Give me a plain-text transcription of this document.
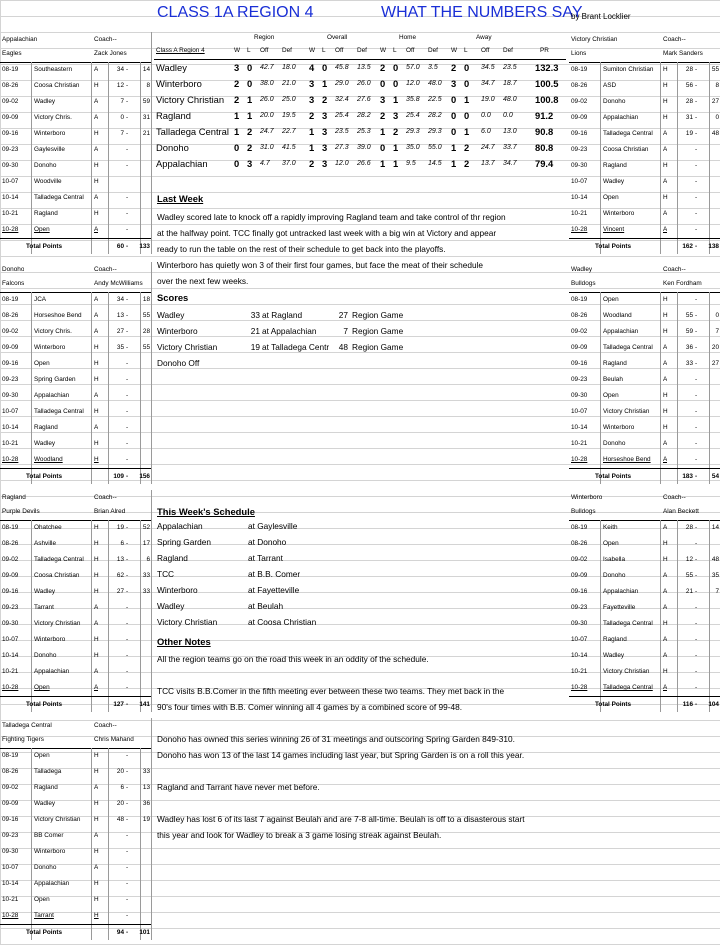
CLASS 1A REGION 4	WHAT THE NUMBERS SAY
by Brant Locklier
Appalachian	Coach--
Eagles	Zack Jones
08-19	Southeastern	A	34 -	14
08-26	Coosa Christian	H	12 -	8
09-02	Wadley	A	7 -	59
09-09	Victory Chris.	A	0 -	31
09-16	Winterboro	H	7 -	21
09-23	Gaylesville	A	-
09-30	Donoho	H	-
10-07	Woodville	H
10-14	Talladega Central	A	-
10-21	Ragland	H	-
10-28	Open	A	-
Total Points	60 -	133
Donoho	Coach--
Falcons	Andy McWilliams
08-19	JCA	A	34 -	18
08-26	Horseshoe Bend	A	13 -	55
09-02	Victory Chris.	A	27 -	28
09-09	Winterboro	H	35 -	55
09-16	Open	H	-
09-23	Spring Garden	H	-
09-30	Appalachian	A	-
10-07	Talladega Central	H	-
10-14	Ragland	A	-
10-21	Wadley	H	-
10-28	Woodland	H	-
Total Points	109 -	156
Ragland	Coach--
Purple Devils	Brian Alred
08-19	Ohatchee	H	19 -	52
08-26	Ashville	H	6 -	17
09-02	Talladega Central	H	13 -	6
09-09	Coosa Christian	H	62 -	33
09-16	Wadley	H	27 -	33
09-23	Tarrant	A	-
09-30	Victory Christian	A	-
10-07	Winterboro	H	-
10-14	Donoho	H	-
10-21	Appalachian	A	-
10-28	Open	A	-
Total Points	127 -	141
Talladega Central	Coach--
Fighting Tigers	Chris Mahand
08-19	Open	H	-
08-26	Talladega	H	20 -	33
09-02	Ragland	A	6 -	13
09-09	Wadley	H	20 -	36
09-16	Victory Christian	H	48 -	19
09-23	BB Comer	A	-
09-30	Winterboro	H	-
10-07	Donoho	A	-
10-14	Appalachian	H	-
10-21	Open	H	-
10-28	Tarrant	H	-
Total Points	94 -	101
Victory Christian	Coach--
Lions	Mark Sanders
08-19	Sumiton Christian	H	28 -	55
08-26	ASD	H	56 -	8
09-02	Donoho	H	28 -	27
09-09	Appalachian	H	31 -	0
09-16	Talladega Central	A	19 -	48
09-23	Coosa Christian	A	-
09-30	Ragland	H	-
10-07	Wadley	A	-
10-14	Open	H	-
10-21	Winterboro	A	-
10-28	Vincent	A	-
Total Points	162 -	138
Wadley	Coach--
Bulldogs	Ken Fordham
08-19	Open	H	-
08-26	Woodland	H	55 -	0
09-02	Appalachian	H	59 -	7
09-09	Talladega Central	A	36 -	20
09-16	Ragland	A	33 -	27
09-23	Beulah	A	-
09-30	Open	H	-
10-07	Victory Christian	H	-
10-14	Winterboro	H	-
10-21	Donoho	A	-
10-28	Horseshoe Bend	A	-
Total Points	183 -	54
Winterboro	Coach--
Bulldogs	Alan Beckett
08-19	Keith	A	28 -	14
08-26	Open	H	-
09-02	Isabella	H	12 -	48
09-09	Donoho	A	55 -	35
09-16	Appalachian	A	21 -	7
09-23	Fayetteville	A	-
09-30	Talladega Central	H	-
10-07	Ragland	A	-
10-14	Wadley	A	-
10-21	Victory Christian	H	-
10-28	Talladega Central	A	-
Total Points	116 -	104
Region	Overall	Home	Away
Class A Region 4	W L Off Def	W L Off Def W L Off Def W L Off Def	PR
Wadley	3 0 42.7 18.0 4 0 45.8 13.5 2 0 57.0 3.5 2 0 34.5 23.5 132.3
Winterboro	2 0 38.0 21.0 3 1 29.0 26.0 0 0 12.0 48.0 3 0 34.7 18.7 100.5
Victory Christian 2 1 26.0 25.0 3 2 32.4 27.6 3 1 35.8 22.5 0 1 19.0 48.0 100.8
Ragland	1 1 20.0 19.5 2 3 25.4 28.2 2 3 25.4 28.2 0 0 0.0 0.0 91.2
Talladega Central 1 2 24.7 22.7 1 3 23.5 25.3 1 2 29.3 29.3 0 1 6.0 13.0 90.8
Donoho	0 2 31.0 41.5 1 3 27.3 39.0 0 1 35.0 55.0 1 2 24.7 33.7 80.8
Appalachian	0 3 4.7 37.0 2 3 12.0 26.6 1 1 9.5 14.5 1 2 13.7 34.7 79.4
Last Week
Wadley scored late to knock off a rapidly improving Ragland team and take control of thr region
at the halfway point. TCC finally got untracked last week with a big win at Victory and appear
ready to run the table on the rest of their schedule to get back into the playoffs.
Winterboro has quietly won 3 of their first four games, but face the meat of their schedule
over the next few weeks.
Scores
Wadley	33 at Ragland	27 Region Game
Winterboro	21 at Appalachian	7 Region Game
Victory Christian	19 at Talladega Centr	48 Region Game
Donoho Off
This Week's Schedule
Appalachian	at Gaylesville
Spring Garden	at Donoho
Ragland	at Tarrant
TCC	at B.B. Comer
Winterboro	at Fayetteville
Wadley	at Beulah
Victory Christian	at Coosa Christian
Other Notes
All the region teams go on the road this week in an oddity of the schedule.
TCC visits B.B.Comer in the fifth meeting ever between these two teams. They met back in the
90's four times with B.B. Comer winning all 4 games by a combined score of 99-48.
Donoho has owned this series winning 26 of 31 meetings and outscoring Spring Garden 849-310.
Donoho has won 13 of the last 14 games including last year, but Spring Garden is on a roll this year.
Ragland and Tarrant have never met before.
Wadley has lost 6 of its last 7 against Beulah and are 7-8 all-time. Beulah is off to a disasterous start
this year and look for Wadley to break a 3 game losing streak against Beulah.
